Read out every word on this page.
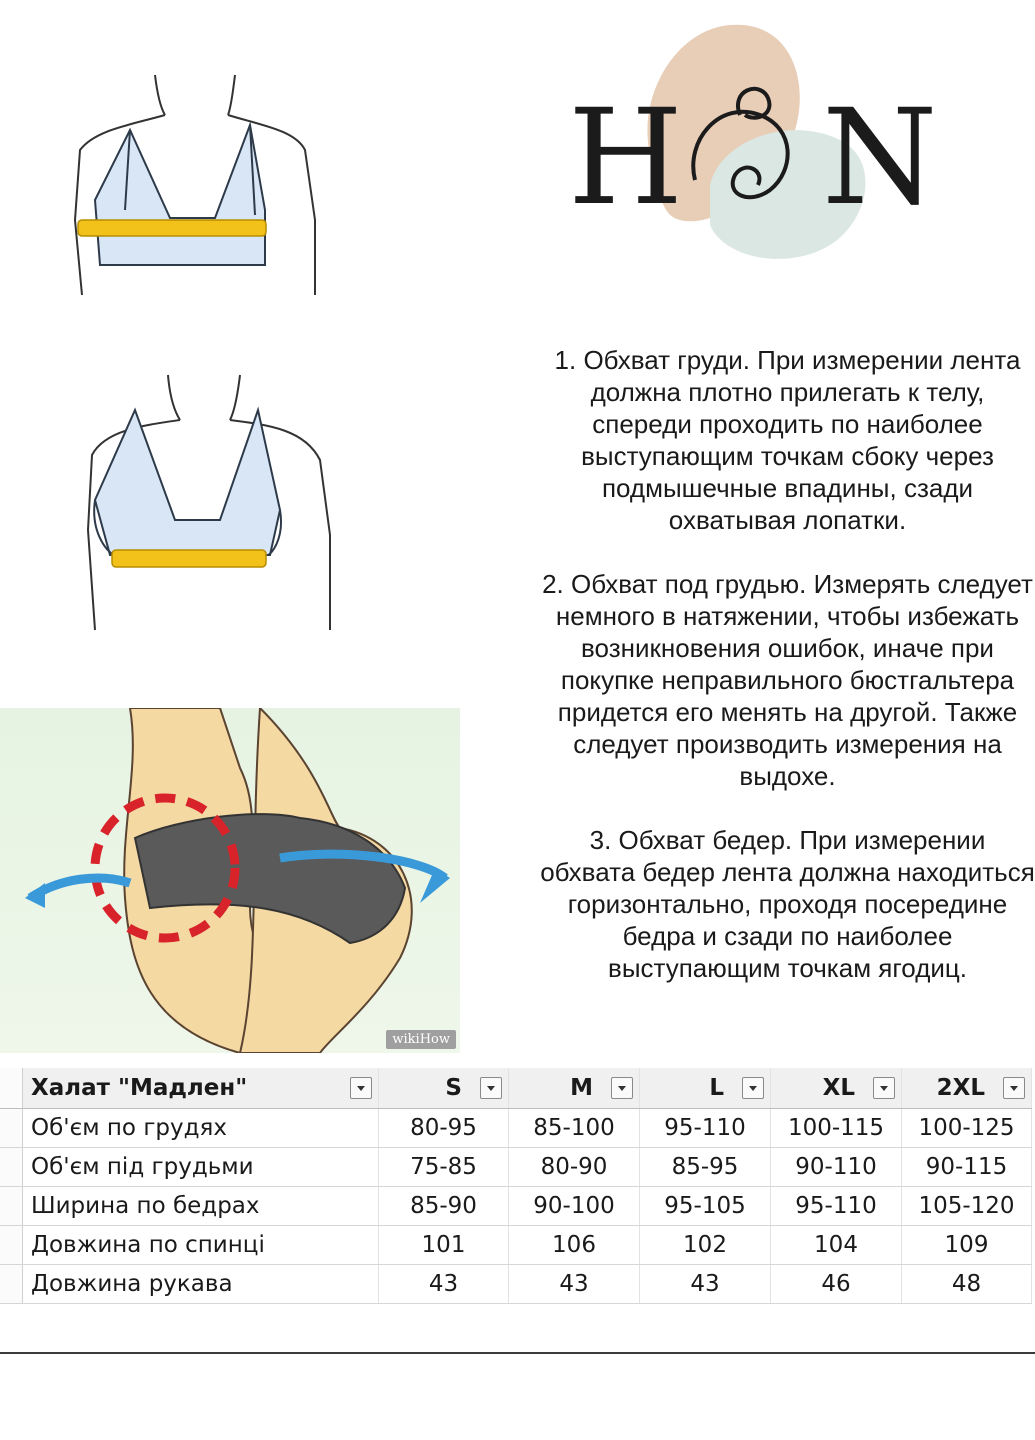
wikiHow
H N

1. Обхват груди. При измерении лента должна плотно прилегать к телу, спереди проходить по наиболее выступающим точкам сбоку через подмышечные впадины, сзади охватывая лопатки.

2. Обхват под грудью. Измерять следует немного в натяжении, чтобы избежать возникновения ошибок, иначе при покупке неправильного бюстгальтера придется его менять на другой. Также следует производить измерения на выдохе.

3. Обхват бедер. При измерении обхвата бедер лента должна находиться горизонтально, проходя посередине бедра и сзади по наиболее выступающим точкам ягодиц.

	Халат "Мадлен"	S	M	L	XL	2XL

	Об'єм по грудях	80-95	85-100	95-110	100-115	100-125
	Об'єм під грудьми	75-85	80-90	85-95	90-110	90-115
	Ширина по бедрах	85-90	90-100	95-105	95-110	105-120
	Довжина по спинці	101	106	102	104	109
	Довжина рукава	43	43	43	46	48
